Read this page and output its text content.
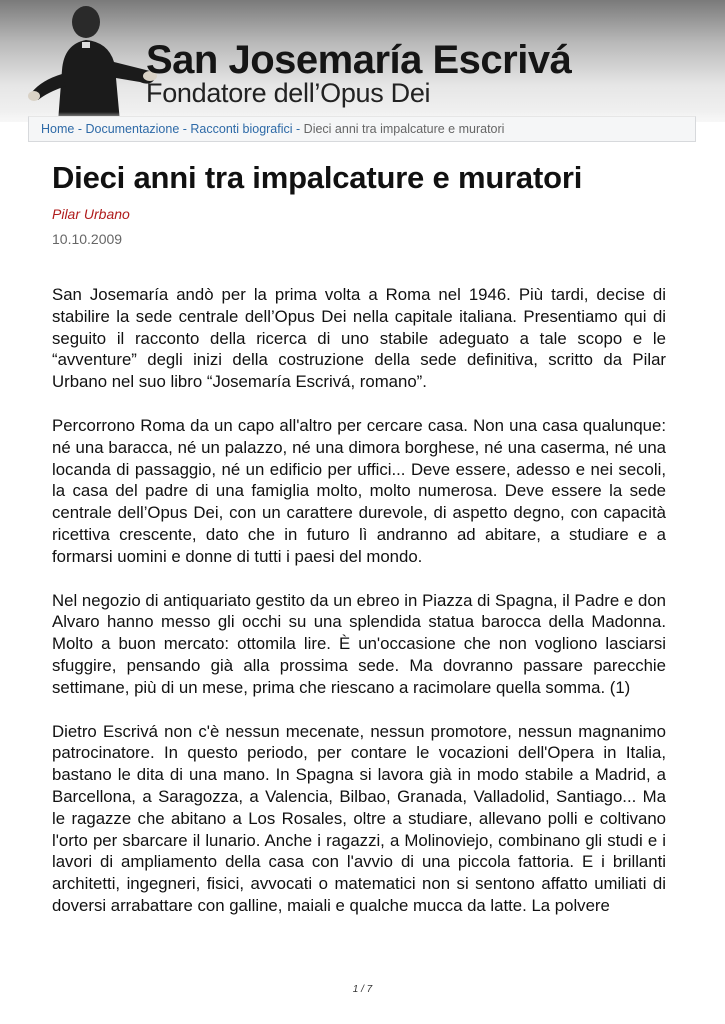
San Josemaría Escrivá
Fondatore dell’Opus Dei
Home - Documentazione - Racconti biografici - Dieci anni tra impalcature e muratori
Dieci anni tra impalcature e muratori
Pilar Urbano
10.10.2009

San Josemaría andò per la prima volta a Roma nel 1946. Più tardi, decise di stabilire la sede centrale dell’Opus Dei nella capitale italiana. Presentiamo qui di seguito il racconto della ricerca di uno stabile adeguato a tale scopo e le “avventure” degli inizi della costruzione della sede definitiva, scritto da Pilar Urbano nel suo libro “Josemaría Escrivá, romano”.

Percorrono Roma da un capo all'altro per cercare casa. Non una casa qualunque: né una baracca, né un palazzo, né una dimora borghese, né una caserma, né una locanda di passaggio, né un edificio per uffici... Deve essere, adesso e nei secoli, la casa del padre di una famiglia molto, molto numerosa. Deve essere la sede centrale dell’Opus Dei, con un carattere durevole, di aspetto degno, con capacità ricettiva crescente, dato che in futuro lì andranno ad abitare, a studiare e a formarsi uomini e donne di tutti i paesi del mondo.

Nel negozio di antiquariato gestito da un ebreo in Piazza di Spagna, il Padre e don Alvaro hanno messo gli occhi su una splendida statua barocca della Madonna. Molto a buon mercato: ottomila lire. È un'occasione che non vogliono lasciarsi sfuggire, pensando già alla prossima sede. Ma dovranno passare parecchie settimane, più di un mese, prima che riescano a racimolare quella somma. (1)

Dietro Escrivá non c'è nessun mecenate, nessun promotore, nessun magnanimo patrocinatore. In questo periodo, per contare le vocazioni dell'Opera in Italia, bastano le dita di una mano. In Spagna si lavora già in modo stabile a Madrid, a Barcellona, a Saragozza, a Valencia, Bilbao, Granada, Valladolid, Santiago... Ma le ragazze che abitano a Los Rosales, oltre a studiare, allevano polli e coltivano l'orto per sbarcare il lunario. Anche i ragazzi, a Molinoviejo, combinano gli studi e i lavori di ampliamento della casa con l'avvio di una piccola fattoria. E i brillanti architetti, ingegneri, fisici, avvocati o matematici non si sentono affatto umiliati di doversi arrabattare con galline, maiali e qualche mucca da latte. La polvere

1 / 7
